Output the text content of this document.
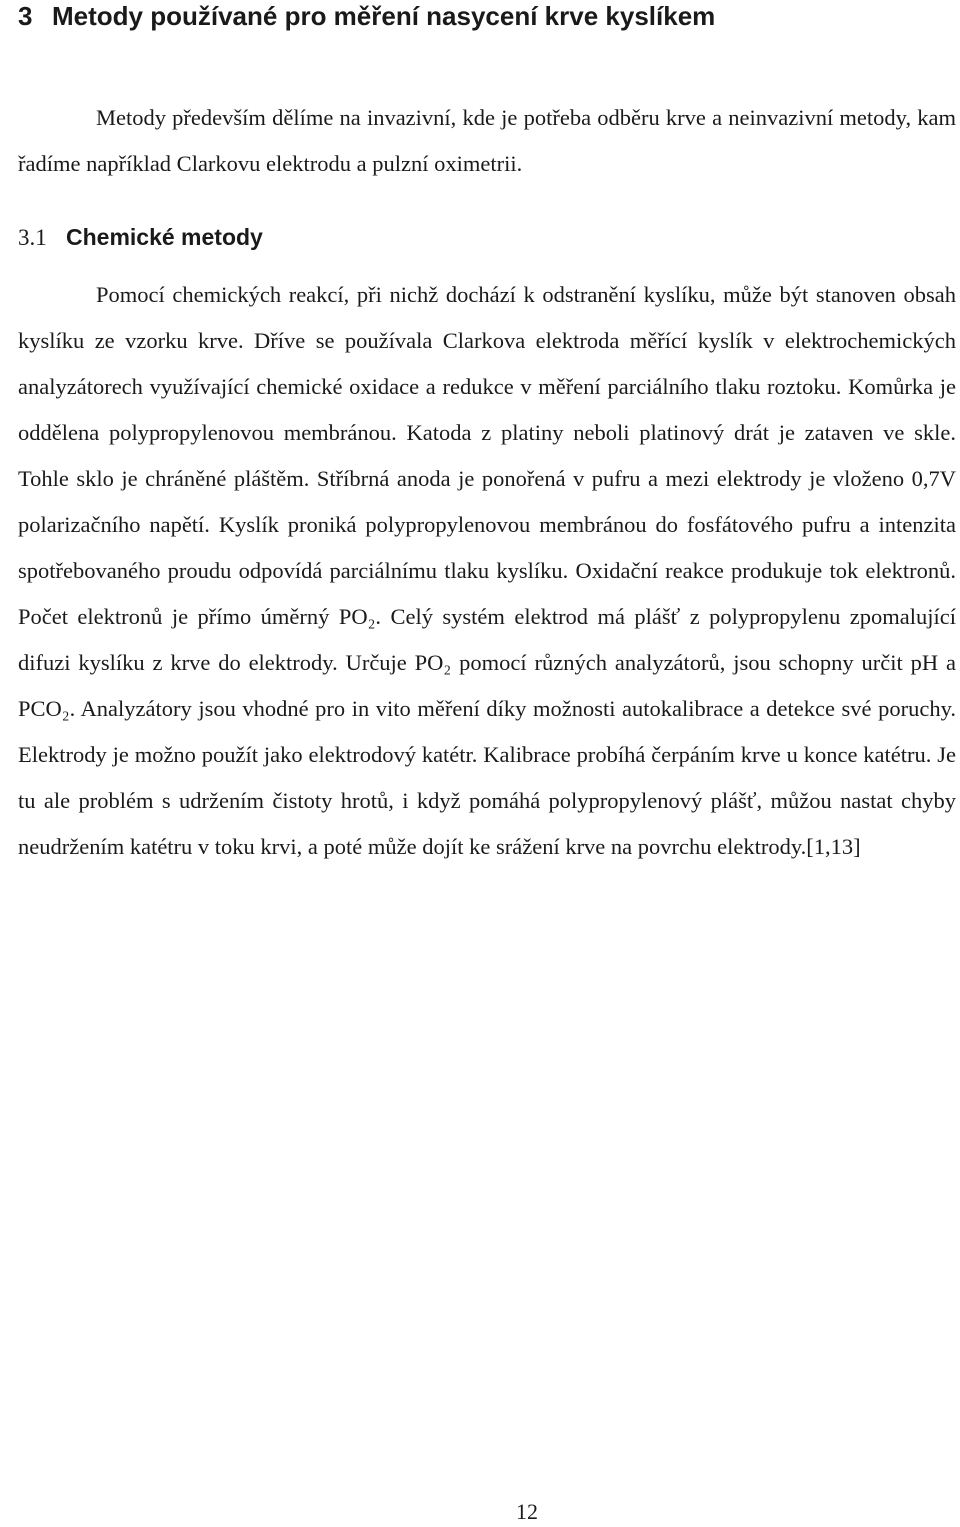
3 Metody používané pro měření nasycení krve kyslíkem

Metody především dělíme na invazivní, kde je potřeba odběru krve a neinvazivní metody, kam řadíme například Clarkovu elektrodu a pulzní oximetrii.

3.1 Chemické metody

Pomocí chemických reakcí, při nichž dochází k odstranění kyslíku, může být stanoven obsah kyslíku ze vzorku krve. Dříve se používala Clarkova elektroda měřící kyslík v elektrochemických analyzátorech využívající chemické oxidace a redukce v měření parciálního tlaku roztoku. Komůrka je oddělena polypropylenovou membránou. Katoda z platiny neboli platinový drát je zataven ve skle. Tohle sklo je chráněné pláštěm. Stříbrná anoda je ponořená v pufru a mezi elektrody je vloženo 0,7V polarizačního napětí. Kyslík proniká polypropylenovou membránou do fosfátového pufru a intenzita spotřebovaného proudu odpovídá parciálnímu tlaku kyslíku. Oxidační reakce produkuje tok elektronů. Počet elektronů je přímo úměrný PO₂. Celý systém elektrod má plášť z polypropylenu zpomalující difuzi kyslíku z krve do elektrody. Určuje PO₂ pomocí různých analyzátorů, jsou schopny určit pH a PCO₂. Analyzátory jsou vhodné pro in vito měření díky možnosti autokalibrace a detekce své poruchy. Elektrody je možno použít jako elektrodový katétr. Kalibrace probíhá čerpáním krve u konce katétru. Je tu ale problém s udržením čistoty hrotů, i když pomáhá polypropylenový plášť, můžou nastat chyby neudržením katétru v toku krvi, a poté může dojít ke srážení krve na povrchu elektrody.[1,13]

12
